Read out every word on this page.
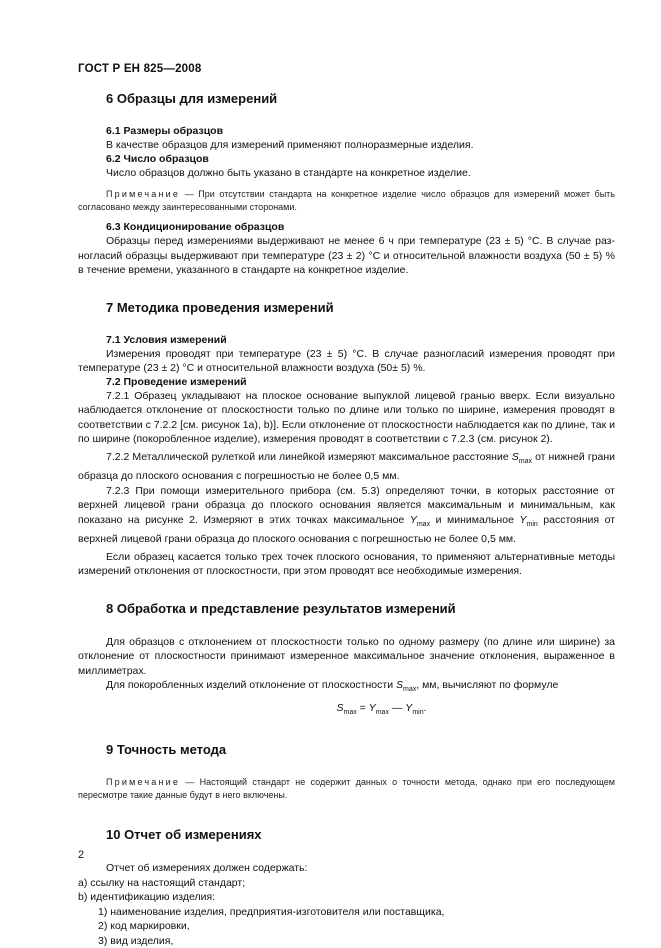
ГОСТ Р ЕН 825—2008
6 Образцы для измерений
6.1 Размеры образцов

В качестве образцов для измерений применяют полноразмерные изделия.

6.2 Число образцов

Число образцов должно быть указано в стандарте на конкретное изделие.

Примечание — При отсутствии стандарта на конкретное изделие число образцов для измерений может быть согласовано между заинтересованными сторонами.

6.3 Кондиционирование образцов

Образцы перед измерениями выдерживают не менее 6 ч при температуре (23 ± 5) °С. В случае разногласий образцы выдерживают при температуре (23 ± 2) °С и относительной влажности воздуха (50 ± 5) % в течение времени, указанного в стандарте на конкретное изделие.

7 Методика проведения измерений
7.1 Условия измерений

Измерения проводят при температуре (23 ± 5) °С. В случае разногласий измерения проводят при температуре (23 ± 2) °С и относительной влажности воздуха (50± 5) %.

7.2 Проведение измерений

7.2.1 Образец укладывают на плоское основание выпуклой лицевой гранью вверх. Если визуально наблюдается отклонение от плоскостности только по длине или только по ширине, измерения проводят в соответствии с 7.2.2 [см. рисунок 1а), b)]. Если отклонение от плоскостности наблюдается как по длине, так и по ширине (покоробленное изделие), измерения проводят в соответствии с 7.2.3 (см. рисунок 2).

7.2.2 Металлической рулеткой или линейкой измеряют максимальное расстояние $S_{max}$ от нижней грани образца до плоского основания с погрешностью не более 0,5 мм.

7.2.3 При помощи измерительного прибора (см. 5.3) определяют точки, в которых расстояние от верхней лицевой грани образца до плоского основания является максимальным и минимальным, как показано на рисунке 2. Измеряют в этих точках максимальное $Y_{max}$ и минимальное $Y_{min}$ расстояния от верхней лицевой грани образца до плоского основания с погрешностью не более 0,5 мм.

Если образец касается только трех точек плоского основания, то применяют альтернативные методы измерений отклонения от плоскостности, при этом проводят все необходимые измерения.

8 Обработка и представление результатов измерений

Для образцов с отклонением от плоскостности только по одному размеру (по длине или ширине) за отклонение от плоскостности принимают измеренное максимальное значение отклонения, выраженное в миллиметрах.

Для покоробленных изделий отклонение от плоскостности $S_{max}$, мм, вычисляют по формуле

$S_{max} = Y_{max}$ — $Y_{min}$.

9 Точность метода

Примечание — Настоящий стандарт не содержит данных о точности метода, однако при его последующем пересмотре такие данные будут в него включены.

10 Отчет об измерениях

Отчет об измерениях должен содержать:

а) ссылку на настоящий стандарт;

b) идентификацию изделия:

1) наименование изделия, предприятия-изготовителя или поставщика,

2) код маркировки,

3) вид изделия,

2
